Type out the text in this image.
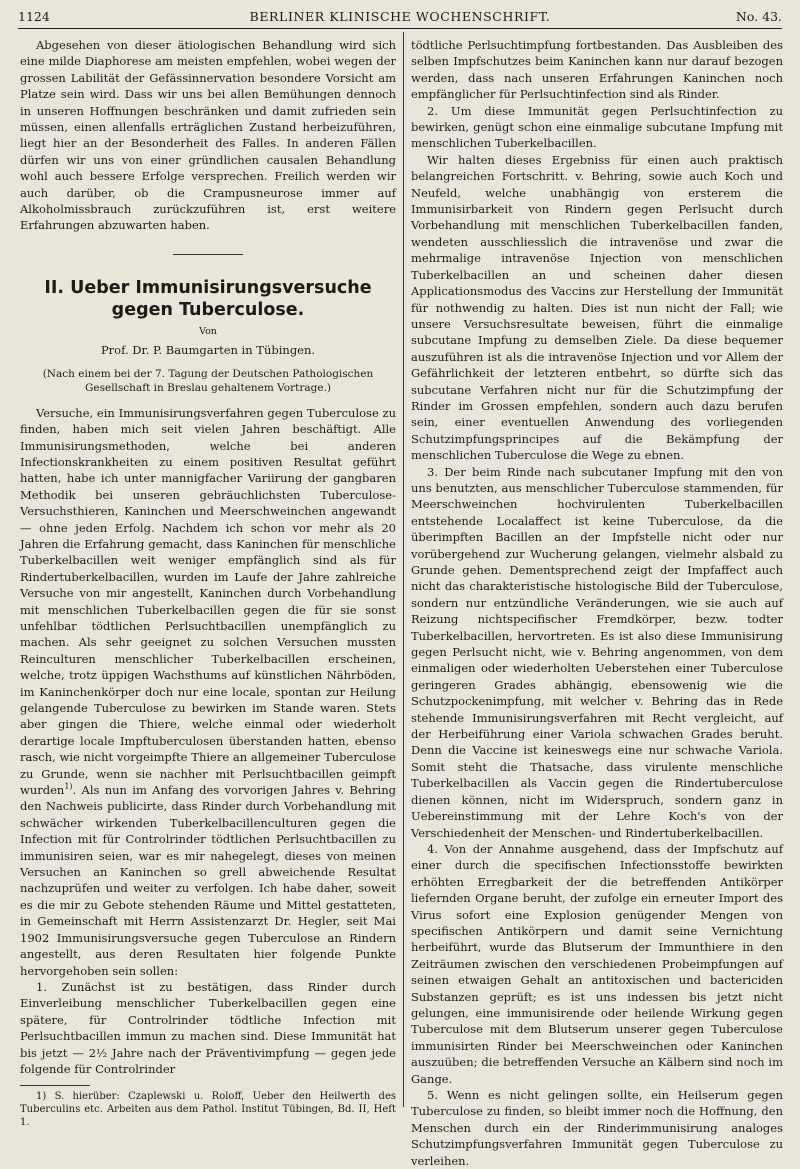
1124	BERLINER KLINISCHE WOCHENSCHRIFT.	No. 43.

Abgesehen von dieser ätiologischen Behandlung wird sich eine milde Diaphorese am meisten empfehlen, wobei wegen der grossen Labilität der Gefässinnervation besondere Vorsicht am Platze sein wird. Dass wir uns bei allen Bemühungen dennoch in unseren Hoffnungen beschränken und damit zufrieden sein müssen, einen allenfalls erträglichen Zustand herbeizuführen, liegt hier an der Besonderheit des Falles. In anderen Fällen dürfen wir uns von einer gründlichen causalen Behandlung wohl auch bessere Erfolge versprechen. Freilich werden wir auch darüber, ob die Crampusneurose immer auf Alkoholmissbrauch zurückzuführen ist, erst weitere Erfahrungen abzuwarten haben.

II. Ueber Immunisirungsversuche gegen Tuberculose.
Von
Prof. Dr. P. Baumgarten in Tübingen.
(Nach einem bei der 7. Tagung der Deutschen Pathologischen Gesellschaft in Breslau gehaltenem Vortrage.)

Versuche, ein Immunisirungsverfahren gegen Tuberculose zu finden, haben mich seit vielen Jahren beschäftigt. Alle Immunisirungsmethoden, welche bei anderen Infectionskrankheiten zu einem positiven Resultat geführt hatten, habe ich unter mannigfacher Variirung der gangbaren Methodik bei unseren gebräuchlichsten Tuberculose-Versuchsthieren, Kaninchen und Meerschweinchen angewandt — ohne jeden Erfolg. Nachdem ich schon vor mehr als 20 Jahren die Erfahrung gemacht, dass Kaninchen für menschliche Tuberkelbacillen weit weniger empfänglich sind als für Rindertuberkelbacillen, wurden im Laufe der Jahre zahlreiche Versuche von mir angestellt, Kaninchen durch Vorbehandlung mit menschlichen Tuberkelbacillen gegen die für sie sonst unfehlbar tödtlichen Perlsuchtbacillen unempfänglich zu machen. Als sehr geeignet zu solchen Versuchen mussten Reinculturen menschlicher Tuberkelbacillen erscheinen, welche, trotz üppigen Wachsthums auf künstlichen Nährböden, im Kaninchenkörper doch nur eine locale, spontan zur Heilung gelangende Tuberculose zu bewirken im Stande waren. Stets aber gingen die Thiere, welche einmal oder wiederholt derartige locale Impftuberculosen überstanden hatten, ebenso rasch, wie nicht vorgeimpfte Thiere an allgemeiner Tuberculose zu Grunde, wenn sie nachher mit Perlsuchtbacillen geimpft wurden$^{1)}$. Als nun im Anfang des vorvorigen Jahres v. Behring den Nachweis publicirte, dass Rinder durch Vorbehandlung mit schwächer wirkenden Tuberkelbacillenculturen gegen die Infection mit für Controlrinder tödtlichen Perlsuchtbacillen zu immunisiren seien, war es mir nahegelegt, dieses von meinen Versuchen an Kaninchen so grell abweichende Resultat nachzuprüfen und weiter zu verfolgen. Ich habe daher, soweit es die mir zu Gebote stehenden Räume und Mittel gestatteten, in Gemeinschaft mit Herrn Assistenzarzt Dr. Hegler, seit Mai 1902 Immunisirungsversuche gegen Tuberculose an Rindern angestellt, aus deren Resultaten hier folgende Punkte hervorgehoben sein sollen:

1. Zunächst ist zu bestätigen, dass Rinder durch Einverleibung menschlicher Tuberkelbacillen gegen eine spätere, für Controlrinder tödtliche Infection mit Perlsuchtbacillen immun zu machen sind. Diese Immunität hat bis jetzt — 2½ Jahre nach der Präventivimpfung — gegen jede folgende für Controlrinder

1) S. hierüber: Czaplewski u. Roloff, Ueber den Heilwerth des Tuberculins etc. Arbeiten aus dem Pathol. Institut Tübingen, Bd. II, Heft 1.

tödtliche Perlsuchtimpfung fortbestanden. Das Ausbleiben des selben Impfschutzes beim Kaninchen kann nur darauf bezogen werden, dass nach unseren Erfahrungen Kaninchen noch empfänglicher für Perlsuchtinfection sind als Rinder.

2. Um diese Immunität gegen Perlsuchtinfection zu bewirken, genügt schon eine einmalige subcutane Impfung mit menschlichen Tuberkelbacillen.

Wir halten dieses Ergebniss für einen auch praktisch belangreichen Fortschritt. v. Behring, sowie auch Koch und Neufeld, welche unabhängig von ersterem die Immunisirbarkeit von Rindern gegen Perlsucht durch Vorbehandlung mit menschlichen Tuberkelbacillen fanden, wendeten ausschliesslich die intravenöse und zwar die mehrmalige intravenöse Injection von menschlichen Tuberkelbacillen an und scheinen daher diesen Applicationsmodus des Vaccins zur Herstellung der Immunität für nothwendig zu halten. Dies ist nun nicht der Fall; wie unsere Versuchsresultate beweisen, führt die einmalige subcutane Impfung zu demselben Ziele. Da diese bequemer auszuführen ist als die intravenöse Injection und vor Allem der Gefährlichkeit der letzteren entbehrt, so dürfte sich das subcutane Verfahren nicht nur für die Schutzimpfung der Rinder im Grossen empfehlen, sondern auch dazu berufen sein, einer eventuellen Anwendung des vorliegenden Schutzimpfungsprincipes auf die Bekämpfung der menschlichen Tuberculose die Wege zu ebnen.

3. Der beim Rinde nach subcutaner Impfung mit den von uns benutzten, aus menschlicher Tuberculose stammenden, für Meerschweinchen hochvirulenten Tuberkelbacillen entstehende Localaffect ist keine Tuberculose, da die überimpften Bacillen an der Impfstelle nicht oder nur vorübergehend zur Wucherung gelangen, vielmehr alsbald zu Grunde gehen. Dementsprechend zeigt der Impfaffect auch nicht das charakteristische histologische Bild der Tuberculose, sondern nur entzündliche Veränderungen, wie sie auch auf Reizung nichtspecifischer Fremdkörper, bezw. todter Tuberkelbacillen, hervortreten. Es ist also diese Immunisirung gegen Perlsucht nicht, wie v. Behring angenommen, von dem einmaligen oder wiederholten Ueberstehen einer Tuberculose geringeren Grades abhängig, ebensowenig wie die Schutzpockenimpfung, mit welcher v. Behring das in Rede stehende Immunisirungsverfahren mit Recht vergleicht, auf der Herbeiführung einer Variola schwachen Grades beruht. Denn die Vaccine ist keineswegs eine nur schwache Variola. Somit steht die Thatsache, dass virulente menschliche Tuberkelbacillen als Vaccin gegen die Rindertuberculose dienen können, nicht im Widerspruch, sondern ganz in Uebereinstimmung mit der Lehre Koch's von der Verschiedenheit der Menschen- und Rindertuberkelbacillen.

4. Von der Annahme ausgehend, dass der Impfschutz auf einer durch die specifischen Infectionsstoffe bewirkten erhöhten Erregbarkeit der die betreffenden Antikörper liefernden Organe beruht, der zufolge ein erneuter Import des Virus sofort eine Explosion genügender Mengen von specifischen Antikörpern und damit seine Vernichtung herbeiführt, wurde das Blutserum der Immunthiere in den Zeiträumen zwischen den verschiedenen Probeimpfungen auf seinen etwaigen Gehalt an antitoxischen und bactericiden Substanzen geprüft; es ist uns indessen bis jetzt nicht gelungen, eine immunisirende oder heilende Wirkung gegen Tuberculose mit dem Blutserum unserer gegen Tuberculose immunisirten Rinder bei Meerschweinchen oder Kaninchen auszuüben; die betreffenden Versuche an Kälbern sind noch im Gange.

5. Wenn es nicht gelingen sollte, ein Heilserum gegen Tuberculose zu finden, so bleibt immer noch die Hoffnung, den Menschen durch ein der Rinderimmunisirung analoges Schutzimpfungsverfahren Immunität gegen Tuberculose zu verleihen.
